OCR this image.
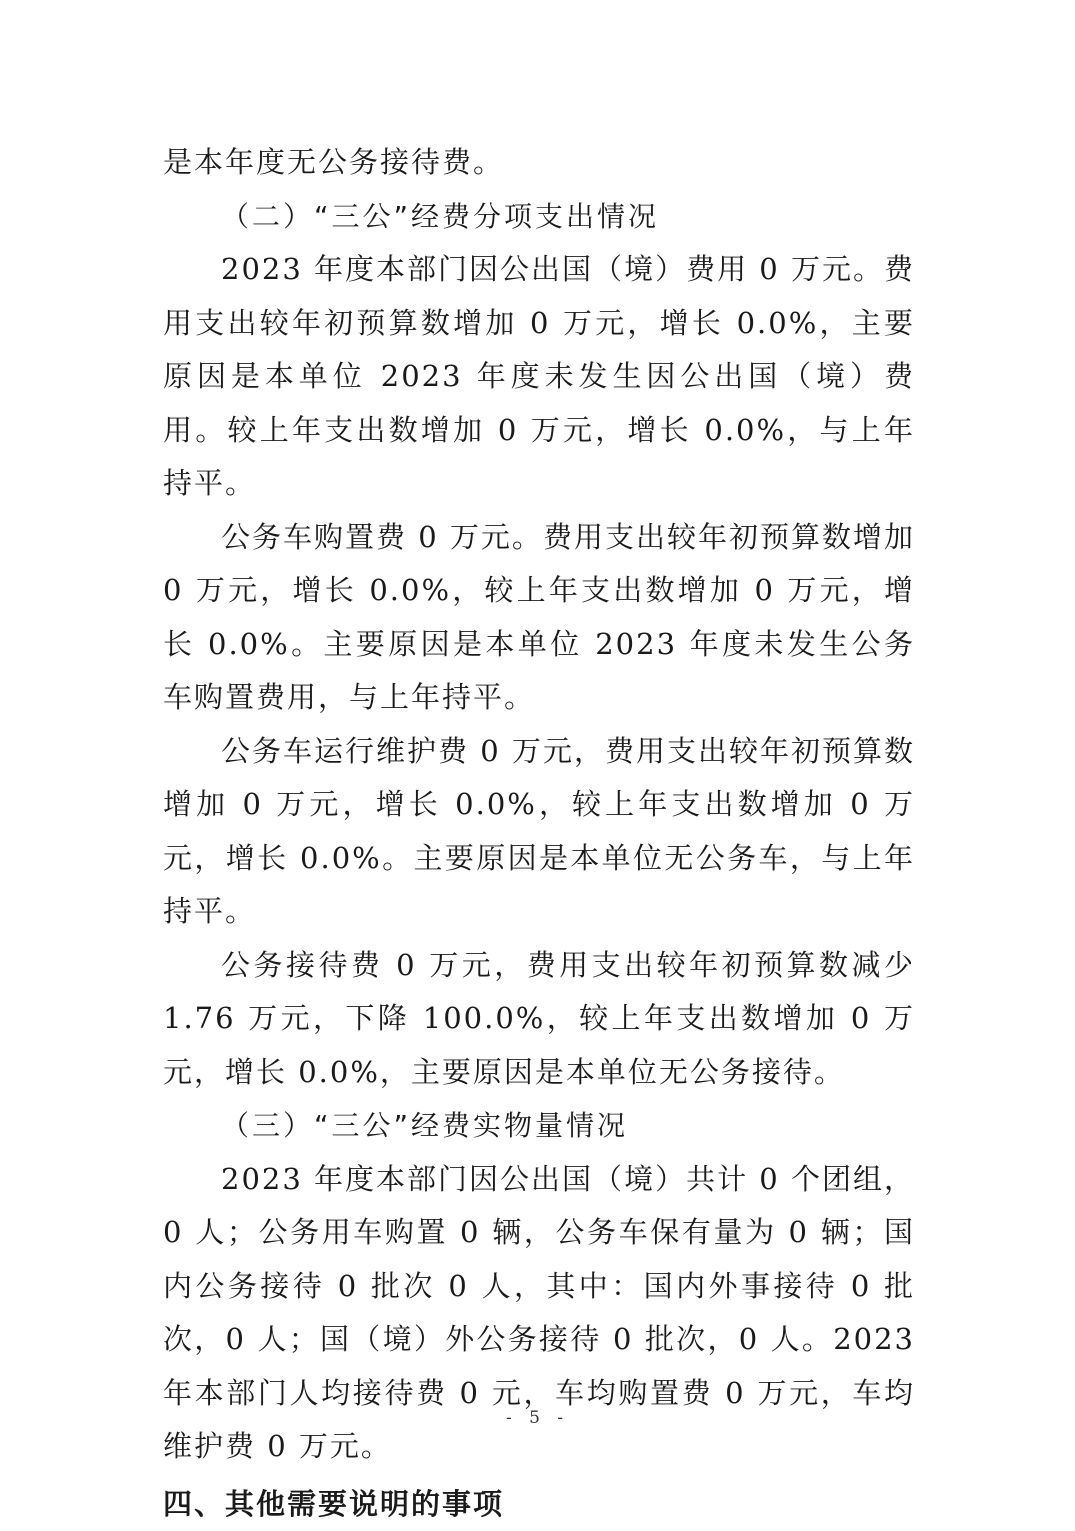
是本年度无公务接待费。

（二）“三公”经费分项支出情况

2023 年度本部门因公出国（境）费用 0 万元。费用支出较年初预算数增加 0 万元，增长 0.0%，主要原因是本单位 2023 年度未发生因公出国（境）费用。较上年支出数增加 0 万元，增长 0.0%，与上年持平。

公务车购置费 0 万元。费用支出较年初预算数增加 0 万元，增长 0.0%，较上年支出数增加 0 万元，增长 0.0%。主要原因是本单位 2023 年度未发生公务车购置费用，与上年持平。

公务车运行维护费 0 万元，费用支出较年初预算数增加 0 万元，增长 0.0%，较上年支出数增加 0 万元，增长 0.0%。主要原因是本单位无公务车，与上年持平。

公务接待费 0 万元，费用支出较年初预算数减少 1.76 万元，下降 100.0%，较上年支出数增加 0 万元，增长 0.0%，主要原因是本单位无公务接待。

（三）“三公”经费实物量情况

2023 年度本部门因公出国（境）共计 0 个团组，0 人；公务用车购置 0 辆，公务车保有量为 0 辆；国内公务接待 0 批次 0 人，其中：国内外事接待 0 批次，0 人；国（境）外公务接待 0 批次，0 人。2023 年本部门人均接待费 0 元，车均购置费 0 万元，车均维护费 0 万元。

四、其他需要说明的事项

- 5 -
